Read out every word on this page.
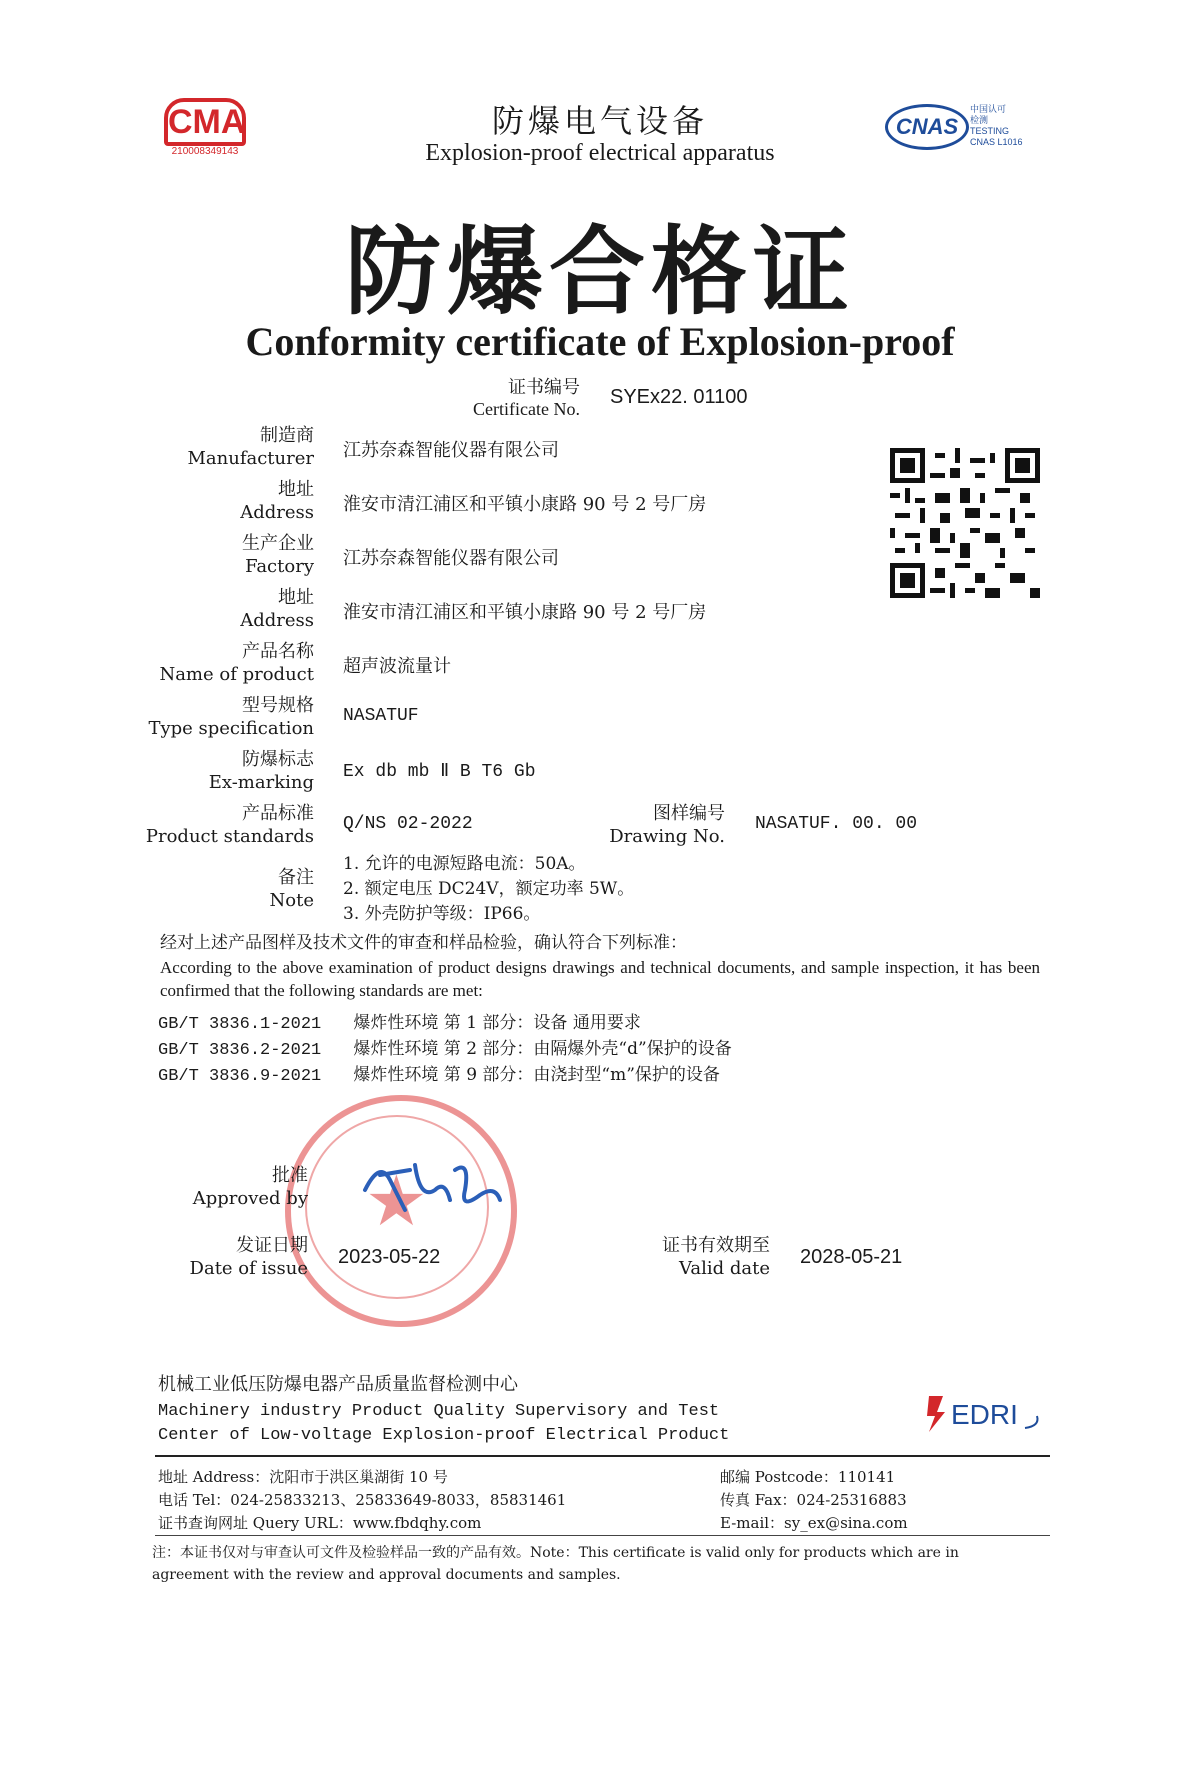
CMA
210008349143
CNAS
中国认可
检测
TESTING
CNAS L1016
防爆电气设备
Explosion-proof electrical apparatus
防爆合格证
Conformity certificate of Explosion-proof
证书编号
Certificate No.
SYEx22. 01100
制造商
Manufacturer 江苏奈森智能仪器有限公司
地址
Address 淮安市清江浦区和平镇小康路 90 号 2 号厂房
生产企业
Factory 江苏奈森智能仪器有限公司
地址
Address 淮安市清江浦区和平镇小康路 90 号 2 号厂房
产品名称
Name of product 超声波流量计
型号规格
Type specification
NASATUF
防爆标志
Ex-marking Ex db mb Ⅱ B T6 Gb
产品标准
Product standards
Q/NS 02-2022	图样编号
Drawing No.
NASATUF. 00. 00
备注
Note
1. 允许的电源短路电流：50A。
2. 额定电压 DC24V，额定功率 5W。
3. 外壳防护等级：IP66。
经对上述产品图样及技术文件的审查和样品检验，确认符合下列标准：
According to the above examination of product designs drawings and technical documents, and sample inspection, it has been confirmed that the following standards are met:
GB/T 3836.1-2021 爆炸性环境 第 1 部分：设备 通用要求
GB/T 3836.2-2021 爆炸性环境 第 2 部分：由隔爆外壳“d”保护的设备
GB/T 3836.9-2021 爆炸性环境 第 9 部分：由浇封型“m”保护的设备
★
批准
Approved by
发证日期
Date of issue
2023-05-22
证书有效期至
Valid date
2028-05-21
机械工业低压防爆电器产品质量监督检测中心
Machinery industry Product Quality Supervisory and Test
Center of Low-voltage Explosion-proof Electrical Product
EDRI
地址 Address：沈阳市于洪区巢湖街 10 号
电话 Tel：024-25833213、25833649-8033，85831461
证书查询网址 Query URL：www.fbdqhy.com
邮编 Postcode：110141
传真 Fax：024-25316883
E-mail：sy_ex@sina.com
注：本证书仅对与审查认可文件及检验样品一致的产品有效。Note：This certificate is valid only for products which are in agreement with the review and approval documents and samples.
